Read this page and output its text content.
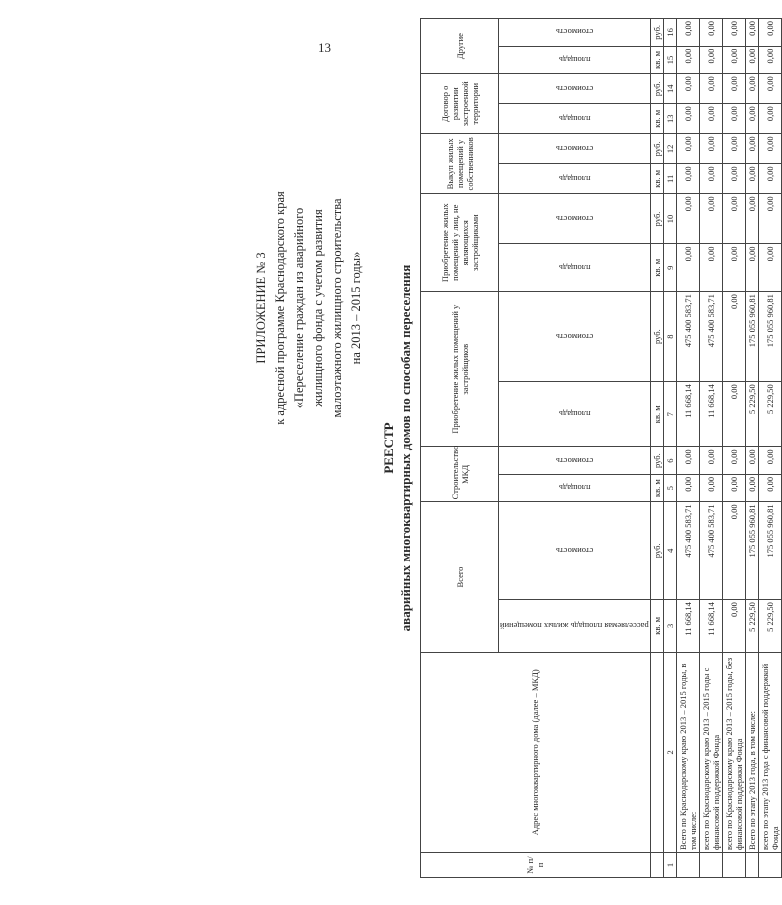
13
ПРИЛОЖЕНИЕ № 3 к адресной программе Краснодарского края «Переселение граждан из аварийного жилищного фонда с учетом развития малоэтажного жилищного строительства на 2013 – 2015 годы»
РЕЕСТР аварийных многоквартирных домов по способам переселения
№ п/п	Адрес многоквартирного дома (далее – МКД)	Всего		Строительство МКД		Приобретение жилых помещений у застройщиков		Приобретение жилых помещений у лиц, не являющихся застройщиками		Выкуп жилых помещений у собственников		Договор о развитии застроенной территории		Другие	

		расселяемая площадь жилых помещений	стоимость	площадь	стоимость	площадь	стоимость	площадь	стоимость	площадь	стоимость	площадь	стоимость	площадь	стоимость

		кв. м	руб.	кв. м	руб.	кв. м	руб.	кв. м	руб.	кв. м	руб.	кв. м	руб.	кв. м	руб.
1	2	3	4	5	6	7	8	9	10	11	12	13	14	15	16
	Всего по Краснодарскому краю 2013 – 2015 годы, в том числе:	11 668,14	475 400 583,71	0,00	0,00	11 668,14	475 400 583,71	0,00	0,00	0,00	0,00	0,00	0,00	0,00	0,00
	всего по Краснодарскому краю 2013 – 2015 годы с финансовой поддержкой Фонда	11 668,14	475 400 583,71	0,00	0,00	11 668,14	475 400 583,71	0,00	0,00	0,00	0,00	0,00	0,00	0,00	0,00
	всего по Краснодарскому краю 2013 – 2015 годы, без финансовой поддержки Фонда	0,00	0,00	0,00	0,00	0,00	0,00	0,00	0,00	0,00	0,00	0,00	0,00	0,00	0,00
	Всего по этапу 2013 года, в том числе:	5 229,50	175 055 960,81	0,00	0,00	5 229,50	175 055 960,81	0,00	0,00	0,00	0,00	0,00	0,00	0,00	0,00
	всего по этапу 2013 года с финансовой поддержкой Фонда	5 229,50	175 055 960,81	0,00	0,00	5 229,50	175 055 960,81	0,00	0,00	0,00	0,00	0,00	0,00	0,00	0,00
